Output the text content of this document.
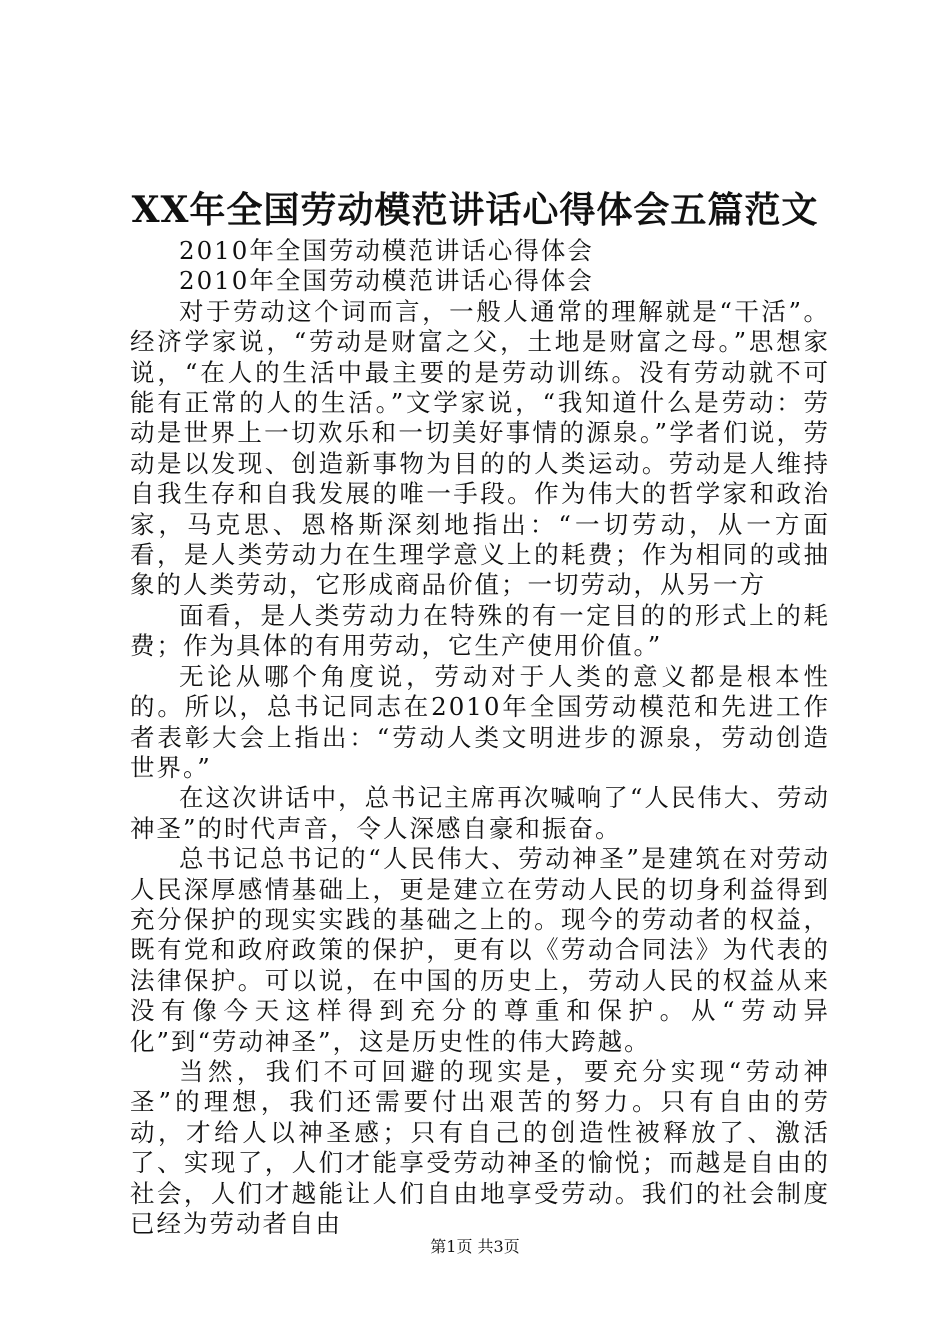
XX年全国劳动模范讲话心得体会五篇范文

2010年全国劳动模范讲话心得体会

2010年全国劳动模范讲话心得体会

对于劳动这个词而言，一般人通常的理解就是“干活”。经济学家说，“劳动是财富之父，土地是财富之母。”思想家说，“在人的生活中最主要的是劳动训练。没有劳动就不可能有正常的人的生活。”文学家说，“我知道什么是劳动：劳动是世界上一切欢乐和一切美好事情的源泉。”学者们说，劳动是以发现、创造新事物为目的的人类运动。劳动是人维持自我生存和自我发展的唯一手段。作为伟大的哲学家和政治家，马克思、恩格斯深刻地指出：“一切劳动，从一方面看，是人类劳动力在生理学意义上的耗费；作为相同的或抽象的人类劳动，它形成商品价值；一切劳动，从另一方

面看，是人类劳动力在特殊的有一定目的的形式上的耗费；作为具体的有用劳动，它生产使用价值。”

无论从哪个角度说，劳动对于人类的意义都是根本性的。所以，总书记同志在2010年全国劳动模范和先进工作者表彰大会上指出：“劳动人类文明进步的源泉，劳动创造世界。”

在这次讲话中，总书记主席再次喊响了“人民伟大、劳动神圣”的时代声音，令人深感自豪和振奋。

总书记总书记的“人民伟大、劳动神圣”是建筑在对劳动人民深厚感情基础上，更是建立在劳动人民的切身利益得到充分保护的现实实践的基础之上的。现今的劳动者的权益，既有党和政府政策的保护，更有以《劳动合同法》为代表的法律保护。可以说，在中国的历史上，劳动人民的权益从来没有像今天这样得到充分的尊重和保护。从“劳动异化”到“劳动神圣”，这是历史性的伟大跨越。

当然，我们不可回避的现实是，要充分实现“劳动神圣”的理想，我们还需要付出艰苦的努力。只有自由的劳动，才给人以神圣感；只有自己的创造性被释放了、激活了、实现了，人们才能享受劳动神圣的愉悦；而越是自由的社会，人们才越能让人们自由地享受劳动。我们的社会制度已经为劳动者自由

第1页 共3页
